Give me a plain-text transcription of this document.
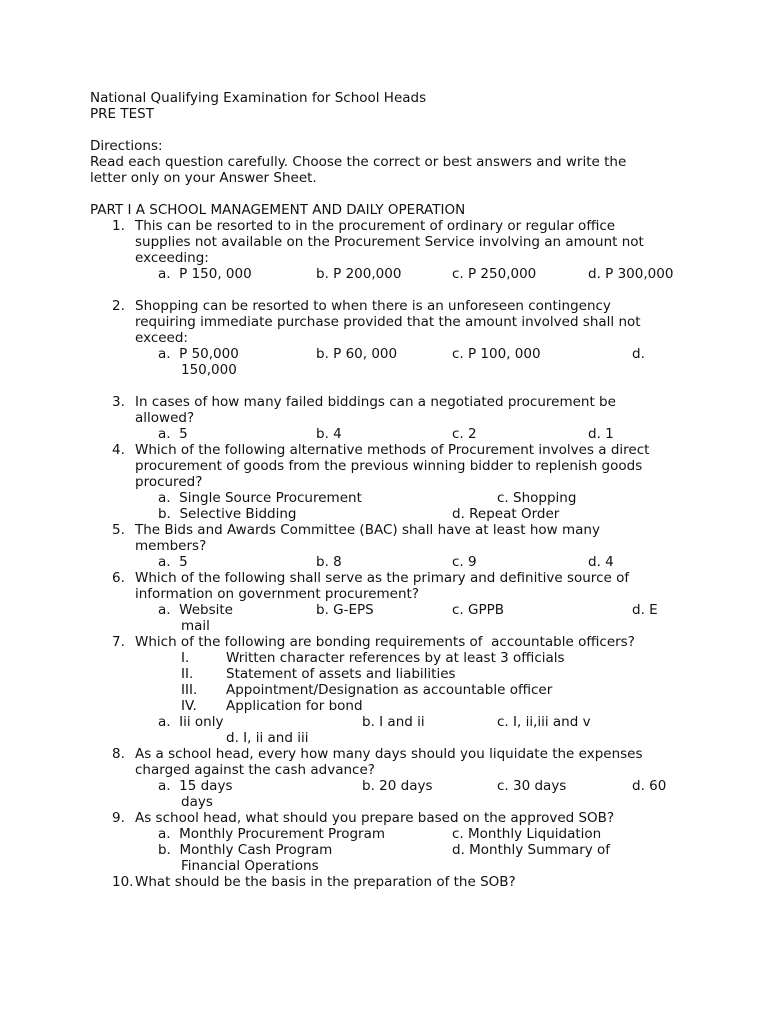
National Qualifying Examination for School Heads
PRE TEST
Directions:
Read each question carefully. Choose the correct or best answers and write the
letter only on your Answer Sheet.
PART I A SCHOOL MANAGEMENT AND DAILY OPERATION
1. This can be resorted to in the procurement of ordinary or regular office
supplies not available on the Procurement Service involving an amount not
exceeding:
a.  P 150, 000	b. P 200,000	c. P 250,000	d. P 300,000
2. Shopping can be resorted to when there is an unforeseen contingency
requiring immediate purchase provided that the amount involved shall not
exceed:
a.  P 50,000	b. P 60, 000	c. P 100, 000	d.
150,000
3. In cases of how many failed biddings can a negotiated procurement be
allowed?
a.  5	b. 4	c. 2	d. 1
4. Which of the following alternative methods of Procurement involves a direct
procurement of goods from the previous winning bidder to replenish goods
procured?
a.  Single Source Procurement	c. Shopping
b.  Selective Bidding	d. Repeat Order
5. The Bids and Awards Committee (BAC) shall have at least how many
members?
a.  5	b. 8	c. 9	d. 4
6. Which of the following shall serve as the primary and definitive source of
information on government procurement?
a.  Website	b. G-EPS	c. GPPB	d. E
mail
7. Which of the following are bonding requirements of  accountable officers?
I.	Written character references by at least 3 officials
II. Statement of assets and liabilities
III. Appointment/Designation as accountable officer
IV. Application for bond
a.  Iii only	b. I and ii	c. I, ii,iii and v
d. I, ii and iii
8. As a school head, every how many days should you liquidate the expenses
charged against the cash advance?
a.  15 days	b. 20 days	c. 30 days	d. 60
days
9. As school head, what should you prepare based on the approved SOB?
a.  Monthly Procurement Program	c. Monthly Liquidation
b.  Monthly Cash Program	d. Monthly Summary of
Financial Operations
10. What should be the basis in the preparation of the SOB?
